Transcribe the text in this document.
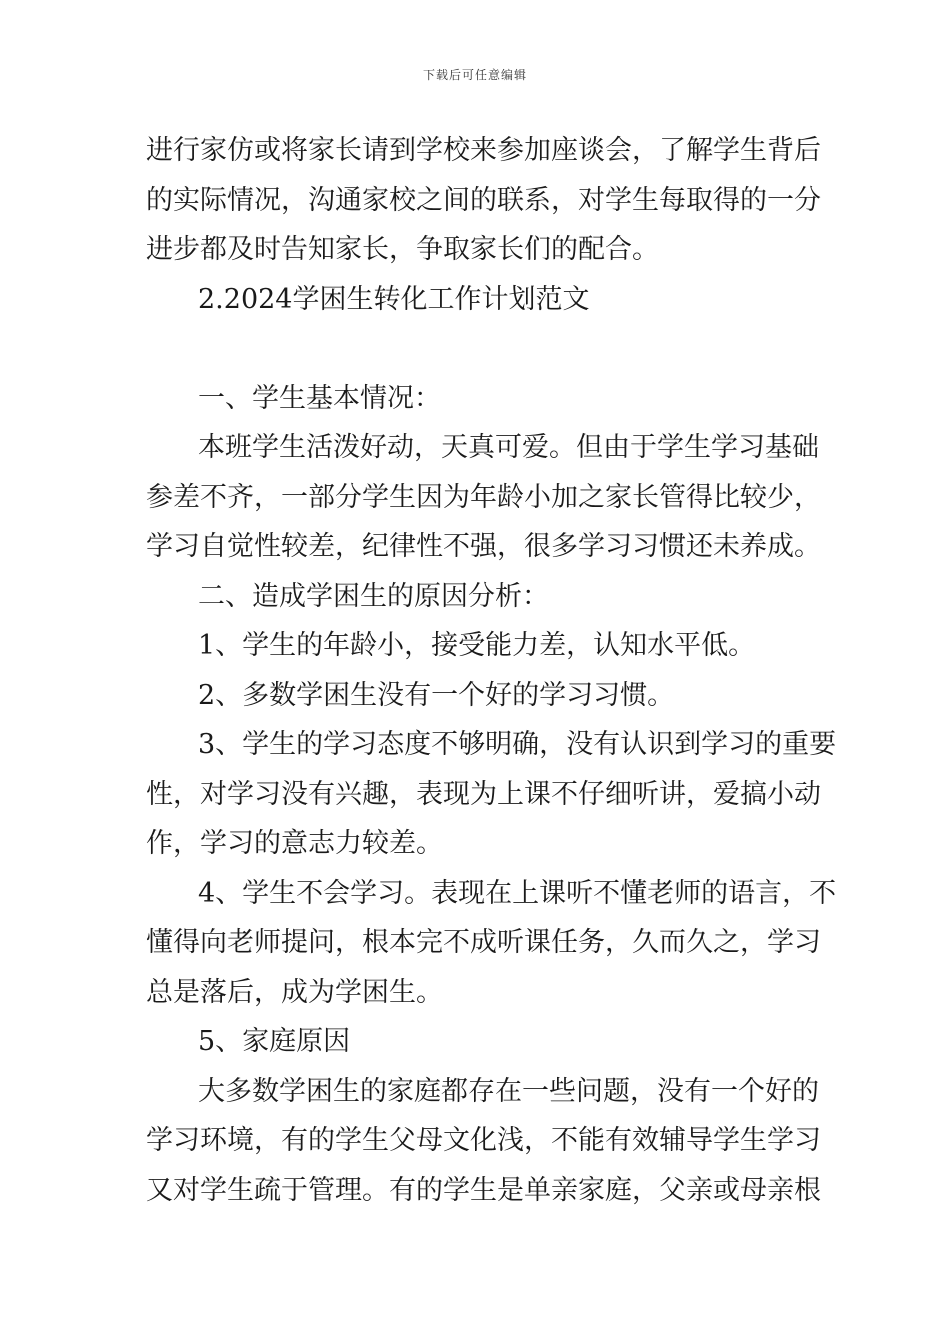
下载后可任意编辑
进行家仿或将家长请到学校来参加座谈会，了解学生背后
的实际情况，沟通家校之间的联系，对学生每取得的一分
进步都及时告知家长，争取家长们的配合。
2.2024学困生转化工作计划范文
一、学生基本情况：
本班学生活泼好动，天真可爱。但由于学生学习基础
参差不齐，一部分学生因为年龄小加之家长管得比较少，
学习自觉性较差，纪律性不强，很多学习习惯还未养成。
二、造成学困生的原因分析：
1、学生的年龄小，接受能力差，认知水平低。
2、多数学困生没有一个好的学习习惯。
3、学生的学习态度不够明确，没有认识到学习的重要
性，对学习没有兴趣，表现为上课不仔细听讲，爱搞小动
作，学习的意志力较差。
4、学生不会学习。表现在上课听不懂老师的语言，不
懂得向老师提问，根本完不成听课任务，久而久之，学习
总是落后，成为学困生。
5、家庭原因
大多数学困生的家庭都存在一些问题，没有一个好的
学习环境，有的学生父母文化浅，不能有效辅导学生学习
又对学生疏于管理。有的学生是单亲家庭，父亲或母亲根
